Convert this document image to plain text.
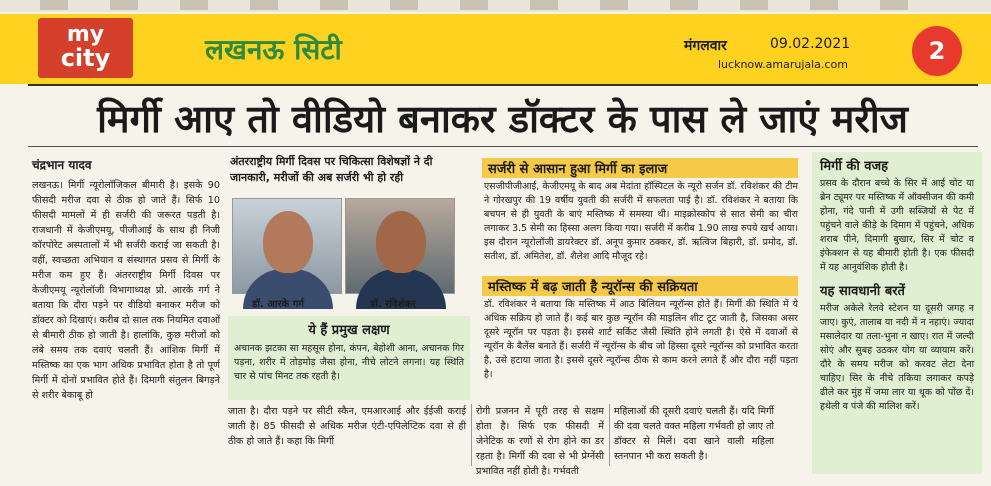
my
city	लखनऊ सिटी	मंगलवार	09.02.2021
lucknow.amarujala.com	2
मिर्गी आए तो वीडियो बनाकर डॉक्टर के पास ले जाएं मरीज
चंद्रभान यादव
लखनऊ। मिर्गी न्यूरोलॉजिकल बीमारी है। इसके 90 फीसदी मरीज दवा से ठीक हो जाते हैं। सिर्फ 10 फीसदी मामलों में ही सर्जरी की जरूरत पड़ती है। राजधानी में केजीएमयू, पीजीआई के साथ ही निजी कॉरपोरेट अस्पतालों में भी सर्जरी कराई जा सकती है। वहीं, स्वच्छता अभियान व संस्थागत प्रसव से मिर्गी के मरीज कम हुए हैं। अंतरराष्ट्रीय मिर्गी दिवस पर केजीएमयू न्यूरोलॉजी विभागाध्यक्ष प्रो. आरके गर्ग ने बताया कि दौरा पड़ने पर वीडियो बनाकर मरीज को डॉक्टर को दिखाएं। करीब दो साल तक नियमित दवाओं से बीमारी ठीक हो जाती है। हालांकि, कुछ मरीजों को लंबे समय तक दवाएं चलती हैं। आंशिक मिर्गी में मस्तिष्क का एक भाग अधिक प्रभावित होता है तो पूर्ण मिर्गी में दोनों प्रभावित होते हैं। दिमागी संतुलन बिगड़ने से शरीर बेकाबू हो
अंतरराष्ट्रीय मिर्गी दिवस पर चिकित्सा विशेषज्ञों ने दी जानकारी, मरीजों की अब सर्जरी भी हो रही
डॉ. आरके गर्ग	डॉ. रविशंकर
ये हैं प्रमुख लक्षण
अचानक झटका सा महसूस होना, कंपन, बेहोशी आना, अचानक गिर पड़ना, शरीर में तोड़मोड़ जैसा होना, नीचे लोटने लगना। यह स्थिति चार से पांच मिनट तक रहती है।
सर्जरी से आसान हुआ मिर्गी का इलाज
एसजीपीजीआई, केजीएमयू के बाद अब मेदांता हॉस्पिटल के न्यूरो सर्जन डॉ. रविशंकर की टीम ने गोरखपुर की 19 वर्षीय युवती की सर्जरी में सफलता पाई है। डॉ. रविशंकर ने बताया कि बचपन से ही युवती के बाएं मस्तिष्क में समस्या थी। माइक्रोस्कोप से सात सेमी का चीरा लगाकर 3.5 सेमी का हिस्सा अलग किया गया। सर्जरी में करीब 1.90 लाख रुपये खर्च आया। इस दौरान न्यूरोलॉजी डायरेक्टर डॉ. अनूप कुमार ठक्कर, डॉ. ऋत्विज बिहारी, डॉ. प्रमोद, डॉ. सतीश, डॉ. अमितेश, डॉ. शैलेश आदि मौजूद रहे।
मस्तिष्क में बढ़ जाती है न्यूरॉन्स की सक्रियता
डॉ. रविशंकर ने बताया कि मस्तिष्क में आठ बिलियन न्यूरॉन्स होते हैं। मिर्गी की स्थिति में ये अधिक सक्रिय हो जाते हैं। कई बार कुछ न्यूरॉन की माइलिन शीट टूट जाती है, जिसका असर दूसरे न्यूरॉन पर पड़ता है। इससे शार्ट सर्किट जैसी स्थिति होने लगती है। ऐसे में दवाओं से न्यूरॉन के बैलेंस बनाते हैं। सर्जरी में न्यूरॉन्स के बीच जो हिस्सा दूसरे न्यूरॉन्स को प्रभावित करता है, उसे हटाया जाता है। इससे दूसरे न्यूरॉन्स ठीक से काम करने लगते हैं और दौरा नहीं पड़ता है।
जाता है। दौरा पड़ने पर सीटी स्कैन, एमआरआई और ईईजी कराई जाती है। 85 फीसदी से अधिक मरीज एंटी-एपिलेप्टिक दवा से ही ठीक हो जाते हैं। कहा कि मिर्गी
रोगी प्रजनन में पूरी तरह से सक्षम होता है। सिर्फ एक फीसदी में जेनेटिक क रणों से रोग होने का डर रहता है। मिर्गी की दवा से भी प्रेग्नेंसी प्रभावित नहीं होती है। गर्भवती
महिलाओं की दूसरी दवाएं चलती हैं। यदि मिर्गी की दवा चलते वक्त महिला गर्भवती हो जाए तो डॉक्टर से मिलें। दवा खाने वाली महिला स्तनपान भी करा सकती है।
मिर्गी की वजह
प्रसव के दौरान बच्चे के सिर में आई चोट या ब्रेन ट्यूमर पर मस्तिष्क में ऑक्सीजन की कमी होना, गंदे पानी में उगी सब्जियों से पेट में पहुंचने वाले कीड़े के दिमाग में पहुंचने, अधिक शराब पीने, दिमागी बुखार, सिर में चोट व इंफेक्शन से यह बीमारी होती है। एक फीसदी में यह आनुवंशिक होती है।
यह सावधानी बरतें
मरीज अकेले रेलवे स्टेशन या दूसरी जगह न जाए। कुएं, तालाब या नदी में न नहाएं। ज्यादा मसालेदार या तला-भुना न खाए। रात में जल्दी सोएं और सुबह उठकर योग या व्यायाम करें। दौरे के समय मरीज को करवट लेटा देना चाहिए। सिर के नीचे तकिया लगाकर कपड़े ढीले कर मुंह में जमा लार या थूक को पोंछ दें। हथेली व पंजे की मालिश करें।
